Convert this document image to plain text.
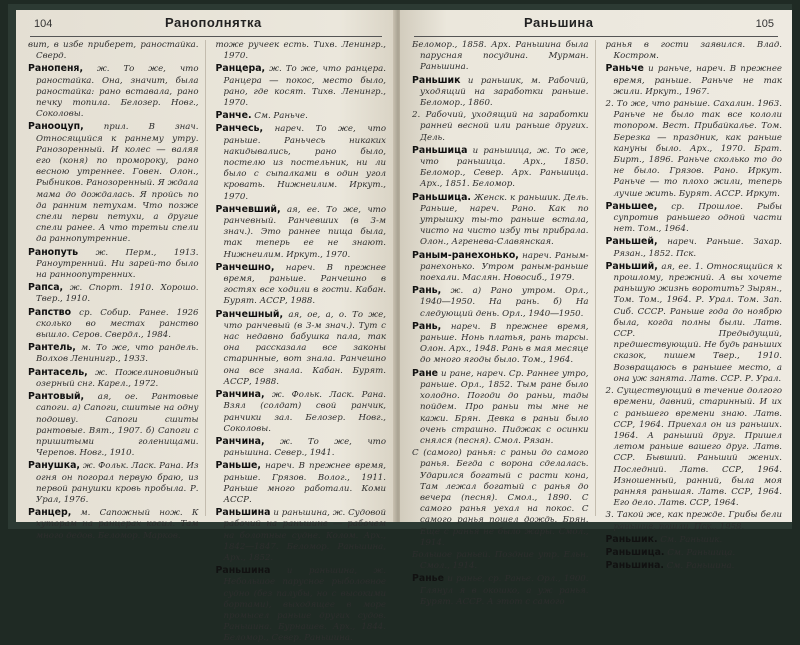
104	Ранополнятка

вит, в избе приберет, раностайка. Сверд.

Ранопеня, ж. То же, что раностайка. Она, значит, была раностайка: рано вставала, рано печку топила. Белозер. Новг., Соколовы.

Ранооцуп, прил. В знач. Относящийся к раннему утру. Ранозоренный. И колес ― валяя его (коня) по промороку, рано весною утреннее. Говен. Олон., Рыбников. Ранозоренный. Я ждала мама до дождалась. Я пройсь по да ранним петухам. Что позже спели перви петухи, а другие спели ранее. А что третьи спели да раннопутренние.

Ранопуть ж. Перм., 1913. Раноутренний. Ни зарей-то было на ранноопутренних.

Рапса, ж. Спорт. 1910. Хорошо. Твер., 1910.

Рапство ср. Собир. Ранее. 1926 сколько во местах ранство вышло. Серов. Свердл., 1984.

Рантель, м. То же, что рандель. Волхов Ленинигр., 1933.

Рантасель, ж. Пожелиновидный озерный снг. Карел., 1972.

Рантовый, ая, ое. Рантовые сапоги. а) Сапоги, сшитые на одну подошву. Сапоги сшиты рантовые. Вят., 1907. б) Сапоги с пришитыми голенищами. Черепов. Новг., 1910.

Ранушка, ж. Фольк. Ласк. Рана. Из огня он погорал первую браю, из первой ранушки кровь пробыла. Р. Урал, 1976.

Ранцер, м. Сапожный нож. К хуторам на ранцерах косил. Там много дедов. Беломор. Марков.

тоже ручеек есть. Тихв. Ленингр., 1970.

Ранцера, ж. То же, что ранцера. Ранцера ― покос, место было, рано, где косят. Тихв. Ленингр., 1970.

Ранче. См. Раньче.

Ранчесь, нареч. То же, что раньше. Раньчесь никаких накидывались, рано было, постелю из постельник, ни ли было с сыпалками в один угол кровать. Нижнеилим. Иркут., 1970.

Ранчевший, ая, ее. То же, что ранчевный. Ранчевших (в 3-м знач.). Это раннее пища была, так теперь ее не знают. Нижнеилим. Иркут., 1970.

Ранчешно, нареч. В прежнее время, раньше. Ранчешно в гостях все ходили в гости. Кабан. Бурят. АССР, 1988.

Ранчешный, ая, ое, а, о. То же, что ранчевый (в 3-м знач.). Тут с нас недавно бабушка пала, так она рассказала все законы старинные, вот знала. Ранчешно она все знала. Кабан. Бурят. АССР, 1988.

Ранчина, ж. Фольк. Ласк. Рана. Взял (солдат) свой ранчик, ранчики зал. Белозер. Новг., Соколовы.

Ранчина, ж. То же, что раньшина. Север., 1941.

Раньше, нареч. В прежнее время, раньше. Грязов. Волог., 1911. Раньше много работали. Коми АССР.

Раньшина и раньшина, ж. Судовой рабочий на раньшине ― рабочем на болотные судне. Колом. Арх., 1842―1847. Беломор. Раньшина, Арх., 1852.

Раньшина и раньшина, ж. Небольшое парусное рыболовное судно (без палубы, но с высокими бортами), выходящее в море промысел раньше других судов. Раньшина. Бурнашев. Арх., 1844. Беломор., Север. Раньшина.

Раньшина	105

Беломор., 1858. Арх. Раньшина была парусная посудина. Мурман. Раньшина.

Раньшик и раньшик, м. Рабочий, уходящий на заработки раньше. Беломор., 1860.

2. Рабочий, уходящий на заработки ранней весной или раньше других. Дель.

Раньшица и раньшица, ж. То же, что раньшица. Арх., 1850. Беломор., Север. Арх. Раньшица. Арх., 1851. Беломор.

Раньшица. Женск. к раньшик. Дель. Раньше, нареч. Рано. Как по утрышку ты-то раньше встала, чисто на чисто избу ты прибрала. Олон., Агренева-Славянская.

Раным-ранехонько, нареч. Раным-ранехонько. Утром раным-раньше поехали. Маслян. Новосиб., 1979.

Рань, ж. а) Рано утром. Орл., 1940―1950. На рань. б) На следующий день. Орл., 1940―1950.

Рань, нареч. В прежнее время, раньше. Нонь платья, рань тарсы. Олон. Арх., 1948. Рань в мая месяце до много ягоды было. Том., 1964.

Ране и ране, нареч. Ср. Раннее утро, раньше. Орл., 1852. Тым ране было холодно. Погоди до раньи, тады пойдем. Про раньи ты мне не кажи. Брян. Девка в раньи было очень страшно. Пиджак с осинки снялся (песня). Смол. Рязан.

С (самого) ранья: с раньи до самого ранья. Бегда с ворона сделалась. Ударился богатый с расти кона, Там лежал богатый с ранья до вечера (песня). Смол., 1890. С самого ранья уехал на покос. С самого ранья пошел дождь. Брян. Еще с ранья не было жары. Смол., 1914.

Большое раньей. Поздние утр. Ельн. Смол., 1914.

Ранье и ранье, ср. Ранье. Орл., 1900. Глянул я в окошко, а уж ранья. Бурят. АССР. А этот с самого

ранья в гости заявился. Влад. Костром.

Раньче и раньче, нареч. В прежнее время, раньше. Раньче не так жили. Иркут., 1967.

2. То же, что раньше. Сахалин. 1963. Раньче не было так все кололи топором. Вест. Прибайкалье. Том. Березка ― праздник, как раньше кануны было. Арх., 1970. Брат. Бирт., 1896. Раньче сколько то до не было. Грязов. Рано. Иркут. Раньче ― то плохо жили, теперь лучше жить. Бурят. АССР. Иркут.

Раньшее, ср. Прошлое. Рыбы супротив раньшего одной части нет. Том., 1964.

Раньшей, нареч. Раньше. Захар. Рязан., 1852. Пск.

Раньший, ая, ее. 1. Относящийся к прошлому, прежний. А вы хочете раньшую жизнь воротить? Зырян., Том. Том., 1964. Р. Урал. Том. Зап. Сиб. СССР. Раньше года до ноябрю была, когда полны были. Латв. ССР. Предыдущий, предшествующий. Не будь раньших сказок, пишем Твер., 1910. Возвращаюсь в раньшее место, а она уж занята. Латв. ССР. Р. Урал.

2. Существующий в течение долгого времени, давний, старинный. И их с раньшего времени знаю. Латв. ССР, 1964. Приехал он из раньших. 1964. А раньший друг. Пришел летом раньше вашего друг. Латв. ССР. Бывший. Раньший жених. Последний. Латв. ССР, 1964. Изношенный, ранний, была моя ранняя раньшая. Латв. ССР, 1964. Его дело. Латв. ССР, 1964.

3. Такой же, как прежде. Грибы бели раньшие, пошли. Пск., 1958.

Раньшик. См. Раньшик.

Раньшица. См. Раньшица.

Раньшина. См. Раньшина.
